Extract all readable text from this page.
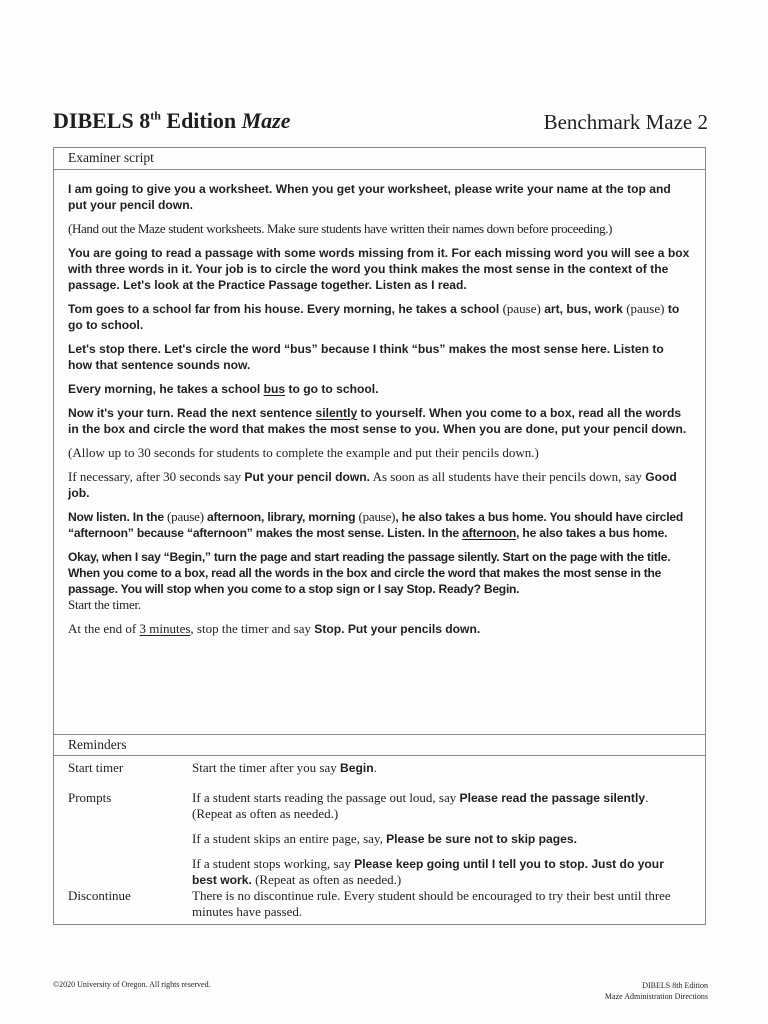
DIBELS 8th Edition Maze	Benchmark Maze 2
Examiner script

I am going to give you a worksheet. When you get your worksheet, please write your name at the top and put your pencil down.

(Hand out the Maze student worksheets. Make sure students have written their names down before proceeding.)

You are going to read a passage with some words missing from it. For each missing word you will see a box with three words in it. Your job is to circle the word you think makes the most sense in the context of the passage. Let's look at the Practice Passage together. Listen as I read.

Tom goes to a school far from his house. Every morning, he takes a school (pause) art, bus, work (pause) to go to school.

Let's stop there. Let's circle the word “bus” because I think “bus” makes the most sense here. Listen to how that sentence sounds now.

Every morning, he takes a school bus to go to school.

Now it's your turn. Read the next sentence silently to yourself. When you come to a box, read all the words in the box and circle the word that makes the most sense to you. When you are done, put your pencil down.

(Allow up to 30 seconds for students to complete the example and put their pencils down.)

If necessary, after 30 seconds say Put your pencil down. As soon as all students have their pencils down, say Good job.

Now listen. In the (pause) afternoon, library, morning (pause), he also takes a bus home. You should have circled “afternoon” because “afternoon” makes the most sense. Listen. In the afternoon, he also takes a bus home.

Okay, when I say “Begin,” turn the page and start reading the passage silently. Start on the page with the title. When you come to a box, read all the words in the box and circle the word that makes the most sense in the passage. You will stop when you come to a stop sign or I say Stop. Ready? Begin.
Start the timer.

At the end of 3 minutes, stop the timer and say Stop. Put your pencils down.

Reminders
Start timer	Start the timer after you say Begin.
Prompts	If a student starts reading the passage out loud, say Please read the passage silently. (Repeat as often as needed.)
If a student skips an entire page, say, Please be sure not to skip pages.
If a student stops working, say Please keep going until I tell you to stop. Just do your best work. (Repeat as often as needed.)
Discontinue	There is no discontinue rule. Every student should be encouraged to try their best until three minutes have passed.
©2020 University of Oregon. All rights reserved.	DIBELS 8th Edition
Maze Administration Directions
